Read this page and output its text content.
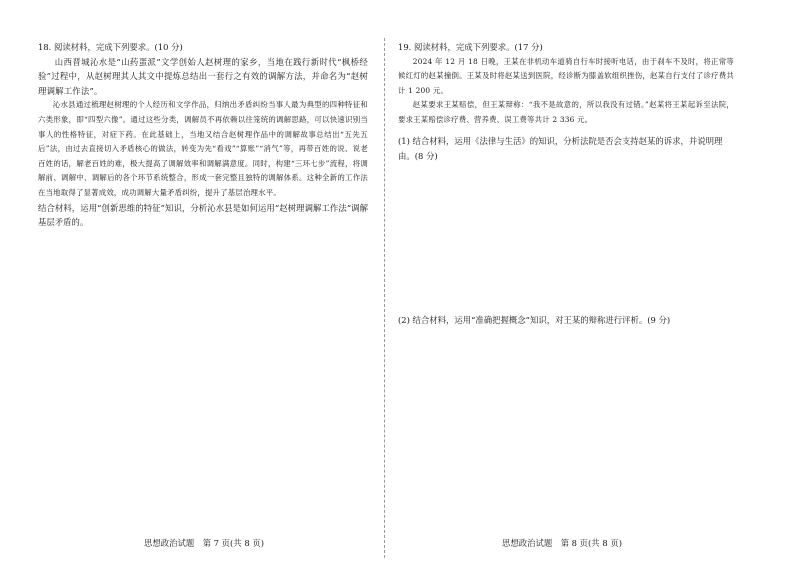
18. 阅读材料，完成下列要求。(10 分)

山西晋城沁水是“山药蛋派”文学创始人赵树理的家乡，当地在践行新时代“枫桥经验”过程中，从赵树理其人其文中提炼总结出一套行之有效的调解方法，并命名为“赵树理调解工作法”。

沁水县通过梳理赵树理的个人经历和文学作品，归纳出矛盾纠纷当事人最为典型的四种特征和六类形象，即“四型六像”。通过这些分类，调解员不再依赖以往笼统的调解思路，可以快速识别当事人的性格特征，对症下药。在此基础上，当地又结合赵树理作品中的调解故事总结出“五先五后”法，由过去直接切入矛盾核心的做法，转变为先“看戏”“算账”“消气”等，再带百姓的说、说老百姓的话，解老百姓的难，极大提高了调解效率和调解满意度。同时，构建“三环七步”流程，将调解前、调解中、调解后的各个环节系统整合，形成一套完整且独特的调解体系。这种全新的工作法在当地取得了显著成效，成功调解大量矛盾纠纷，提升了基层治理水平。

结合材料，运用“创新思维的特征”知识，分析沁水县是如何运用“赵树理调解工作法”调解基层矛盾的。

思想政治试题　第 7 页(共 8 页)
19. 阅读材料，完成下列要求。(17 分)

2024 年 12 月 18 日晚，王某在非机动车道骑自行车时接听电话，由于刹车不及时，将正常等候红灯的赵某撞倒。王某及时将赵某送到医院，经诊断为膝盖软组织挫伤，赵某自行支付了诊疗费共计 1 200 元。

赵某要求王某赔偿，但王某辩称：“我不是故意的，所以我没有过错。”赵某将王某起诉至法院，要求王某赔偿诊疗费、营养费、误工费等共计 2 336 元。

(1) 结合材料，运用《法律与生活》的知识，分析法院是否会支持赵某的诉求，并说明理由。(8 分)
(2) 结合材料，运用“准确把握概念”知识，对王某的辩称进行评析。(9 分)
思想政治试题　第 8 页(共 8 页)
